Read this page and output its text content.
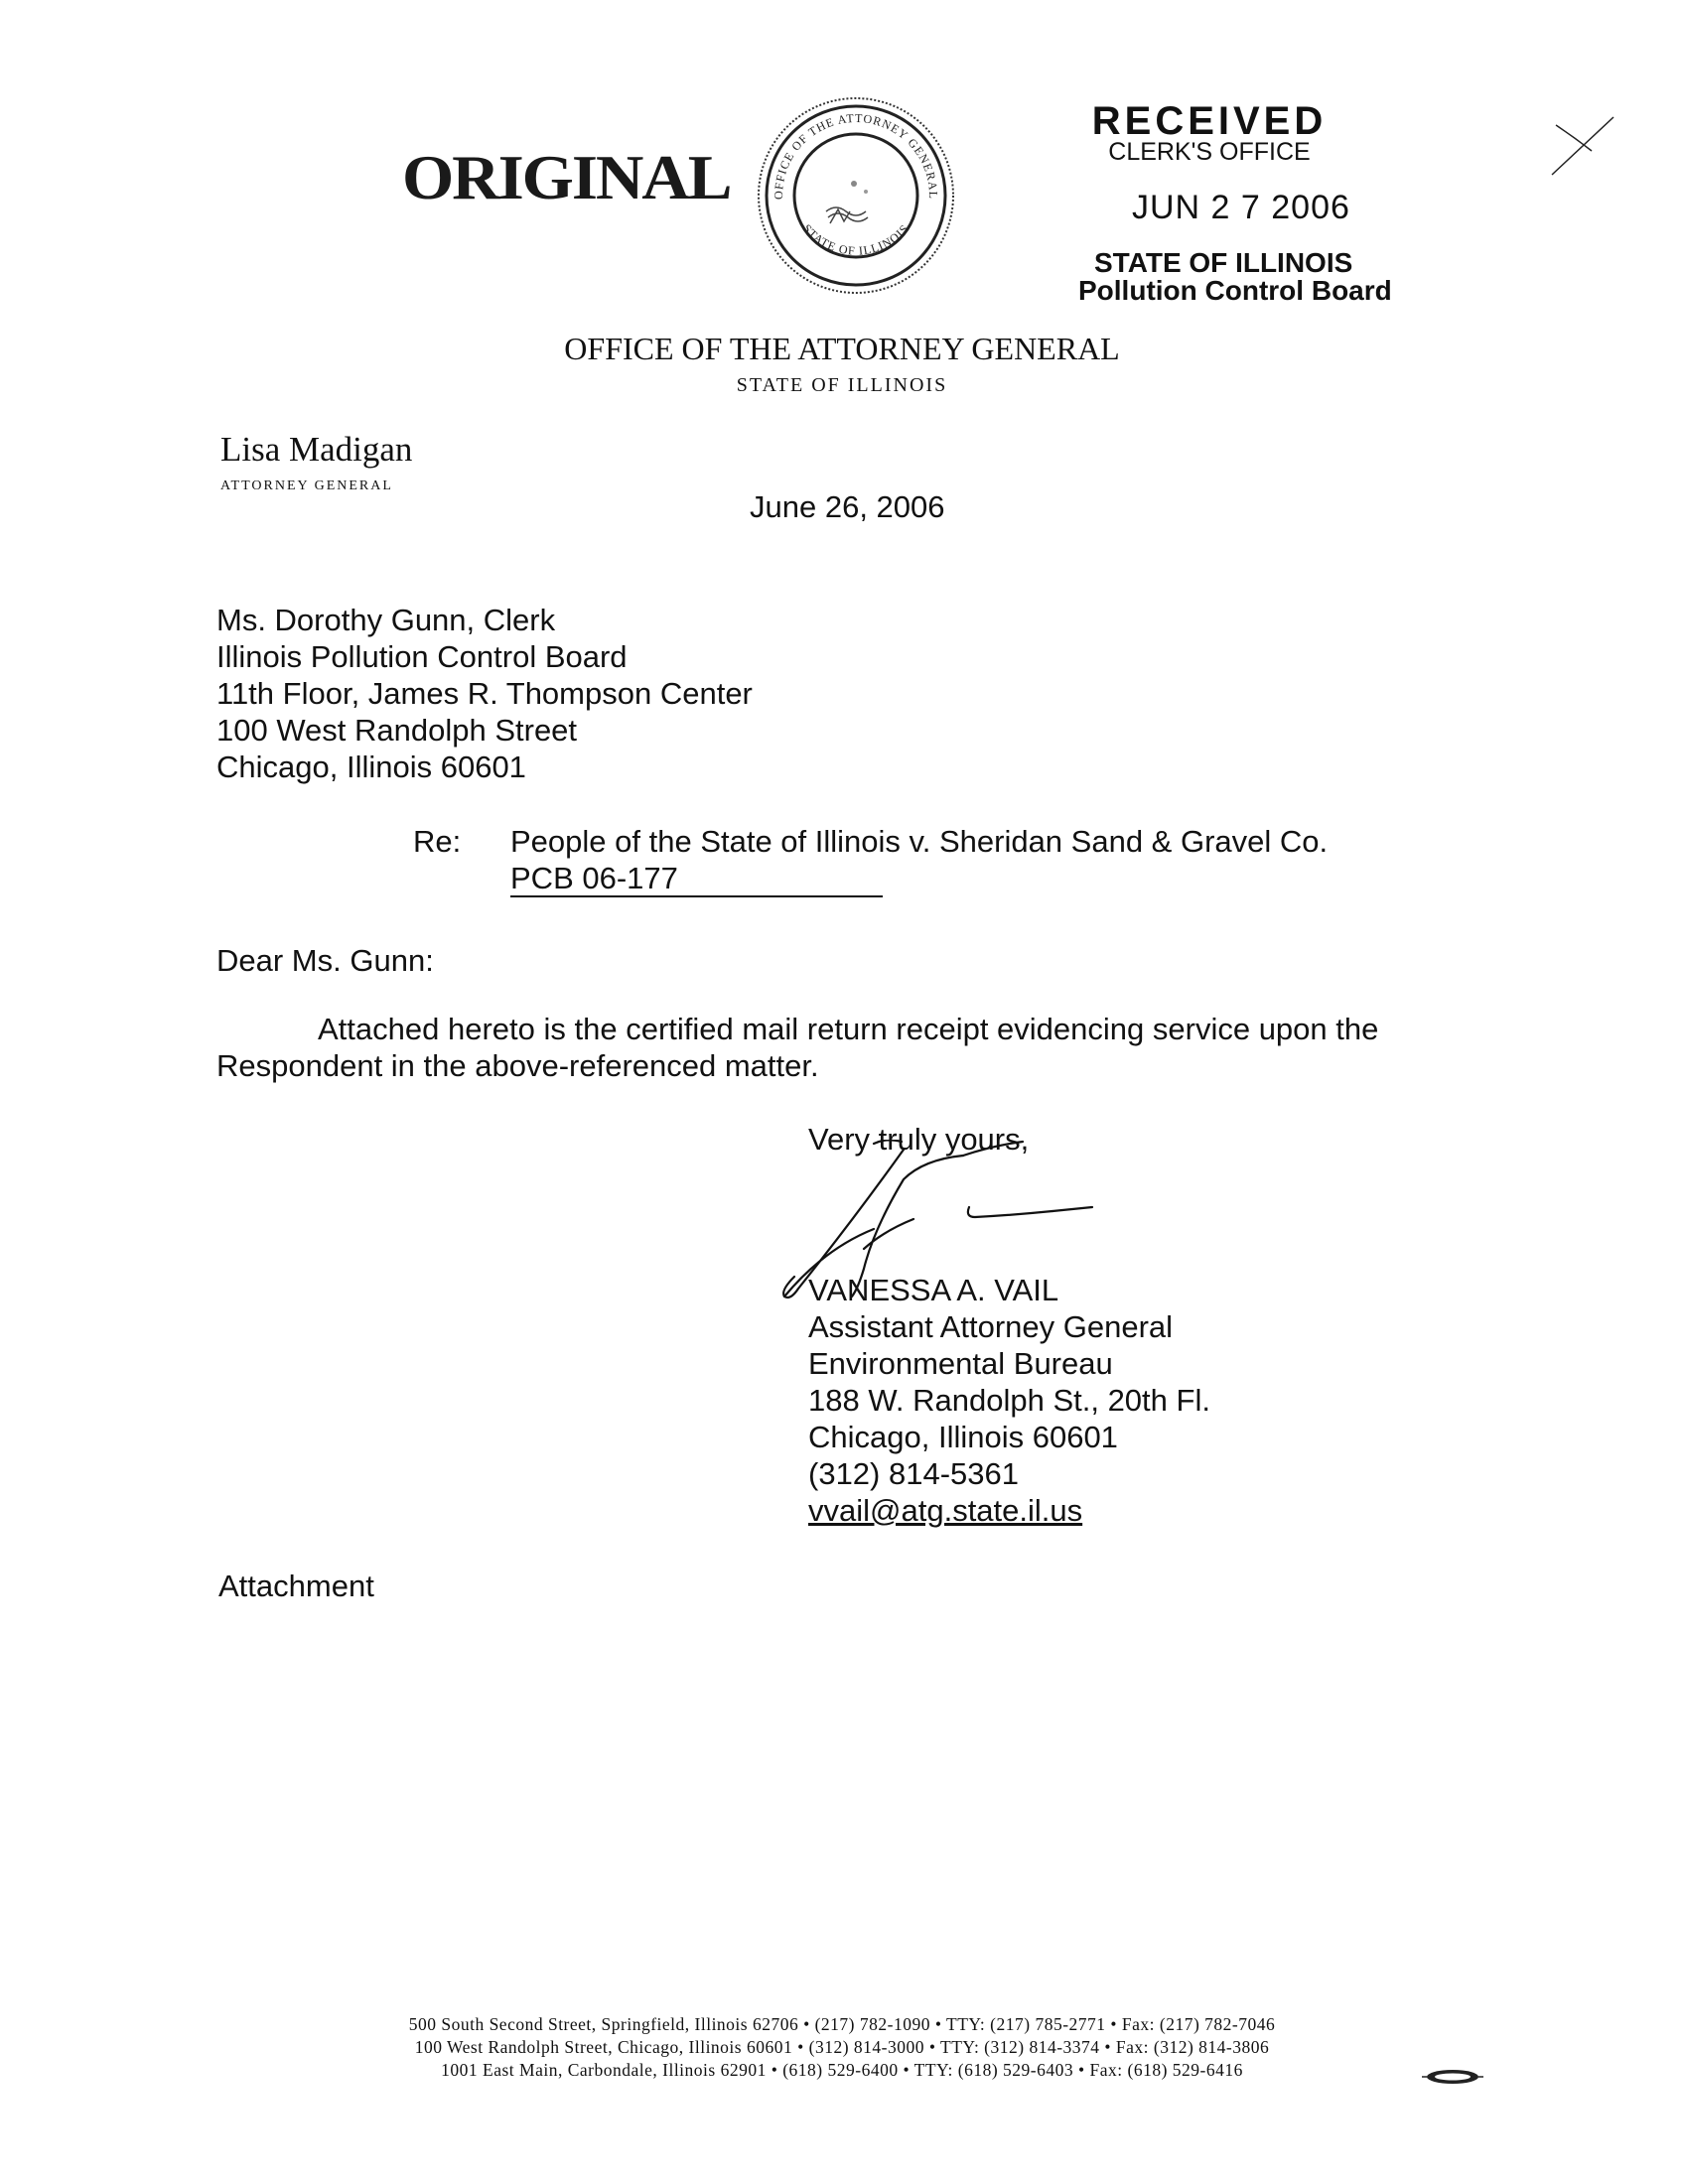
ORIGINAL	OFFICE OF THE ATTORNEY GENERAL
STATE OF ILLINOIS
RECEIVED
CLERK'S OFFICE
JUN 2 7 2006
STATE OF ILLINOIS
Pollution Control Board
OFFICE OF THE ATTORNEY GENERAL
STATE OF ILLINOIS
Lisa Madigan
ATTORNEY GENERAL
June 26, 2006
Ms. Dorothy Gunn, Clerk
Illinois Pollution Control Board
11th Floor, James R. Thompson Center
100 West Randolph Street
Chicago, Illinois 60601
Re: People of the State of Illinois v. Sheridan Sand & Gravel Co.
PCB 06-177
Dear Ms. Gunn:
Attached hereto is the certified mail return receipt evidencing service upon the
Respondent in the above-referenced matter.
Very truly yours,
VANESSA A. VAIL
Assistant Attorney General
Environmental Bureau
188 W. Randolph St., 20th Fl.
Chicago, Illinois 60601
(312) 814-5361
vvail@atg.state.il.us
Attachment
500 South Second Street, Springfield, Illinois 62706 • (217) 782-1090 • TTY: (217) 785-2771 • Fax: (217) 782-7046
100 West Randolph Street, Chicago, Illinois 60601 • (312) 814-3000 • TTY: (312) 814-3374 • Fax: (312) 814-3806
1001 East Main, Carbondale, Illinois 62901 • (618) 529-6400 • TTY: (618) 529-6403 • Fax: (618) 529-6416
